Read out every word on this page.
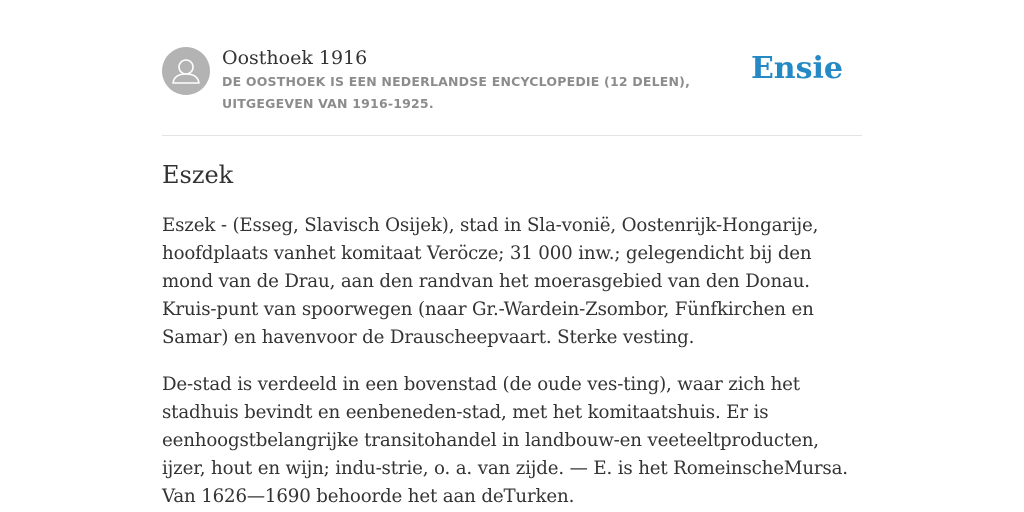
Oosthoek 1916
DE OOSTHOEK IS EEN NEDERLANDSE ENCYCLOPEDIE (12 DELEN), UITGEGEVEN VAN 1916-1925.
Ensie
Eszek

Eszek - (Esseg, Slavisch Osijek), stad in Sla-vonië, Oostenrijk-Hongarije, hoofdplaats vanhet komitaat Veröcze; 31 000 inw.; gelegendicht bij den mond van de Drau, aan den randvan het moerasgebied van den Donau. Kruis-punt van spoorwegen (naar Gr.-Wardein-Zsombor, Fünfkirchen en Samar) en havenvoor de Drauscheepvaart. Sterke vesting.

De-stad is verdeeld in een bovenstad (de oude ves-ting), waar zich het stadhuis bevindt en eenbeneden-stad, met het komitaatshuis. Er is eenhoogstbelangrijke transitohandel in landbouw-en veeteeltproducten, ijzer, hout en wijn; indu-strie, o. a. van zijde. — E. is het RomeinscheMursa. Van 1626—1690 behoorde het aan deTurken.
